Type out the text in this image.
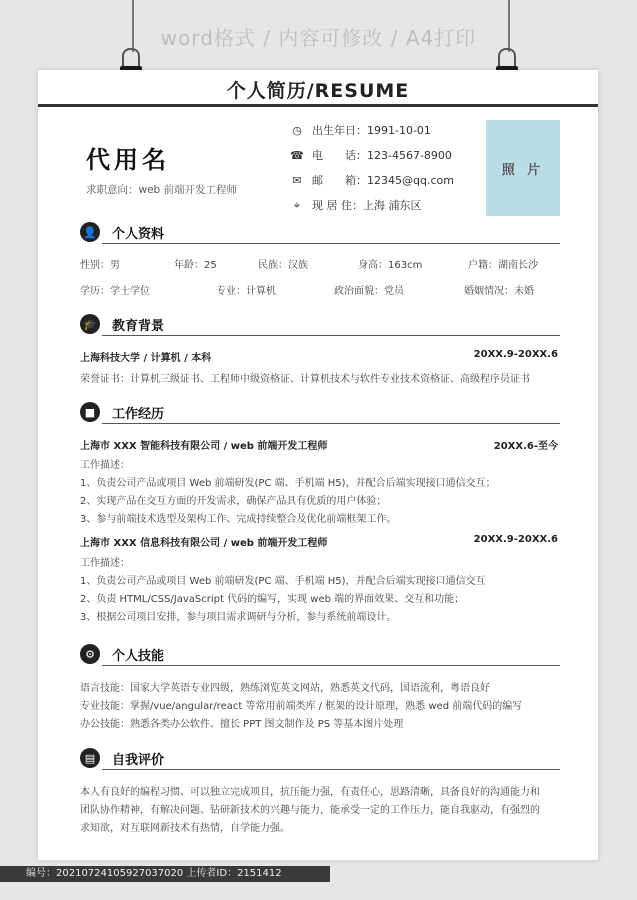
word格式 / 内容可修改 / A4打印
个人简历/RESUME
代用名
求职意向：web 前端开发工程师
◷ 出生年日：1991-10-01
☎ 电　　话：123-4567-8900
✉ 邮　　箱：12345@qq.com
⌖ 现 居 住：上海 浦东区
照 片
👤 个人资料
性别：男	年龄：25	民族：汉族	身高：163cm	户籍：湖南长沙
学历：学士学位	专业：计算机	政治面貌：党员	婚姻情况：未婚
🎓 教育背景
上海科技大学 / 计算机 / 本科	20XX.9-20XX.6
荣誉证书：计算机三级证书、工程师中级资格证、计算机技术与软件专业技术资格证、高级程序员证书
■	工作经历
上海市 XXX 智能科技有限公司 / web 前端开发工程师	20XX.6-至今
工作描述：
1、负责公司产品或项目 Web 前端研发(PC 端、手机端 H5)，并配合后端实现接口通信交互；
2、实现产品在交互方面的开发需求，确保产品具有优质的用户体验；
3、参与前端技术选型及架构工作、完成持续整合及优化前端框架工作。
上海市 XXX 信息科技有限公司 / web 前端开发工程师	20XX.9-20XX.6
工作描述：
1、负责公司产品或项目 Web 前端研发(PC 端、手机端 H5)，并配合后端实现接口通信交互
2、负责 HTML/CSS/JavaScript 代码的编写，实现 web 端的界面效果、交互和功能；
3、根据公司项目安排，参与项目需求调研与分析，参与系统前端设计。
⚙	个人技能
语言技能：国家大学英语专业四级，熟练浏览英文网站，熟悉英文代码，国语流利，粤语良好
专业技能：掌握/vue/angular/react 等常用前端类库 / 框架的设计原理，熟悉 wed 前端代码的编写
办公技能：熟悉各类办公软件、擅长 PPT 图文制作及 PS 等基本图片处理
▤	自我评价
本人有良好的编程习惯、可以独立完成项目，抗压能力强，有责任心，思路清晰，具备良好的沟通能力和
团队协作精神，有解决问题、钻研新技术的兴趣与能力，能承受一定的工作压力，能自我驱动，有强烈的
求知欲，对互联网新技术有热情，自学能力强。
编号：20210724105927037020 上传者ID：2151412
